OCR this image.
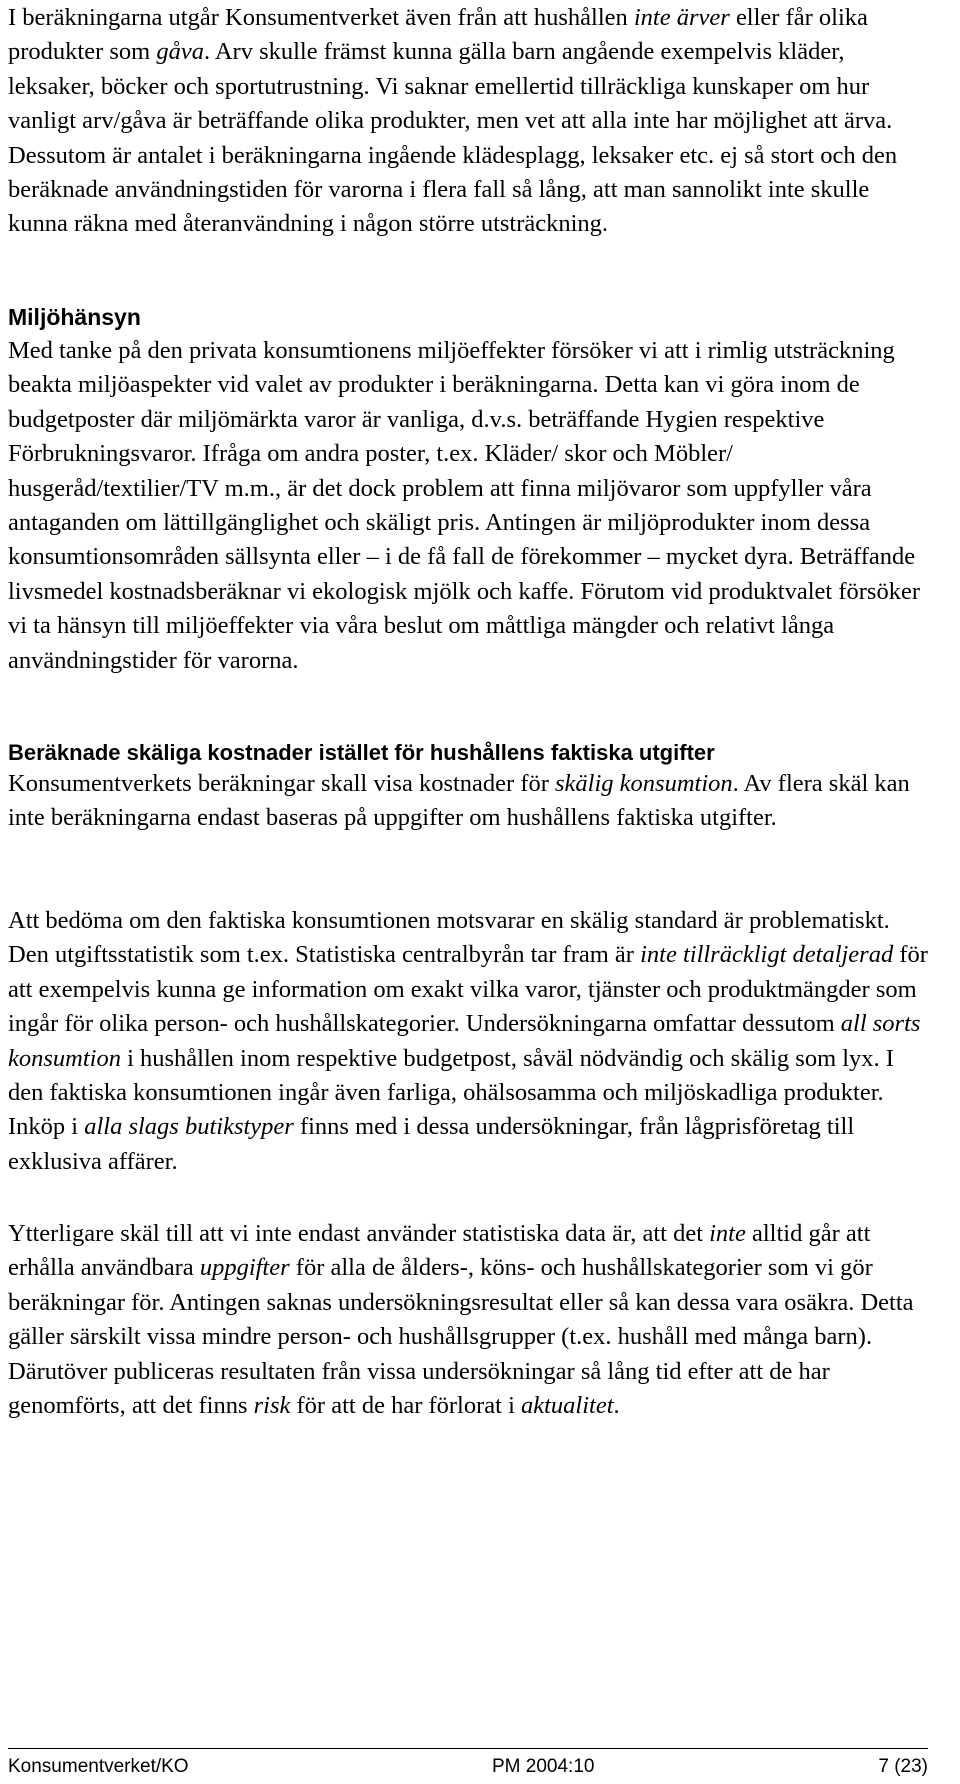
I beräkningarna utgår Konsumentverket även från att hushållen inte ärver eller får olika produkter som gåva. Arv skulle främst kunna gälla barn angående exempelvis kläder, leksaker, böcker och sportutrustning. Vi saknar emellertid tillräckliga kunskaper om hur vanligt arv/gåva är beträffande olika produkter, men vet att alla inte har möjlighet att ärva. Dessutom är antalet i beräkningarna ingående klädesplagg, leksaker etc. ej så stort och den beräknade användningstiden för varorna i flera fall så lång, att man sannolikt inte skulle kunna räkna med återanvändning i någon större utsträckning.

Miljöhänsyn

Med tanke på den privata konsumtionens miljöeffekter försöker vi att i rimlig utsträckning beakta miljöaspekter vid valet av produkter i beräkningarna. Detta kan vi göra inom de budgetposter där miljömärkta varor är vanliga, d.v.s. beträffande Hygien respektive Förbrukningsvaror. Ifråga om andra poster, t.ex. Kläder/ skor och Möbler/ husgeråd/textilier/TV m.m., är det dock problem att finna miljövaror som uppfyller våra antaganden om lättillgänglighet och skäligt pris. Antingen är miljöprodukter inom dessa konsumtionsområden sällsynta eller – i de få fall de förekommer – mycket dyra. Beträffande livsmedel kostnadsberäknar vi ekologisk mjölk och kaffe. Förutom vid produktvalet försöker vi ta hänsyn till miljöeffekter via våra beslut om måttliga mängder och relativt långa användningstider för varorna.

Beräknade skäliga kostnader istället för hushållens faktiska utgifter

Konsumentverkets beräkningar skall visa kostnader för skälig konsumtion. Av flera skäl kan inte beräkningarna endast baseras på uppgifter om hushållens faktiska utgifter.

Att bedöma om den faktiska konsumtionen motsvarar en skälig standard är problematiskt. Den utgiftsstatistik som t.ex. Statistiska centralbyrån tar fram är inte tillräckligt detaljerad för att exempelvis kunna ge information om exakt vilka varor, tjänster och produktmängder som ingår för olika person- och hushållskategorier. Undersökningarna omfattar dessutom all sorts konsumtion i hushållen inom respektive budgetpost, såväl nödvändig och skälig som lyx. I den faktiska konsumtionen ingår även farliga, ohälsosamma och miljöskadliga produkter. Inköp i alla slags butikstyper finns med i dessa undersökningar, från lågprisföretag till exklusiva affärer.

Ytterligare skäl till att vi inte endast använder statistiska data är, att det inte alltid går att erhålla användbara uppgifter för alla de ålders-, köns- och hushållskategorier som vi gör beräkningar för. Antingen saknas undersökningsresultat eller så kan dessa vara osäkra. Detta gäller särskilt vissa mindre person- och hushållsgrupper (t.ex. hushåll med många barn). Därutöver publiceras resultaten från vissa undersökningar så lång tid efter att de har genomförts, att det finns risk för att de har förlorat i aktualitet.

Konsumentverket/KO	PM 2004:10	7 (23)
